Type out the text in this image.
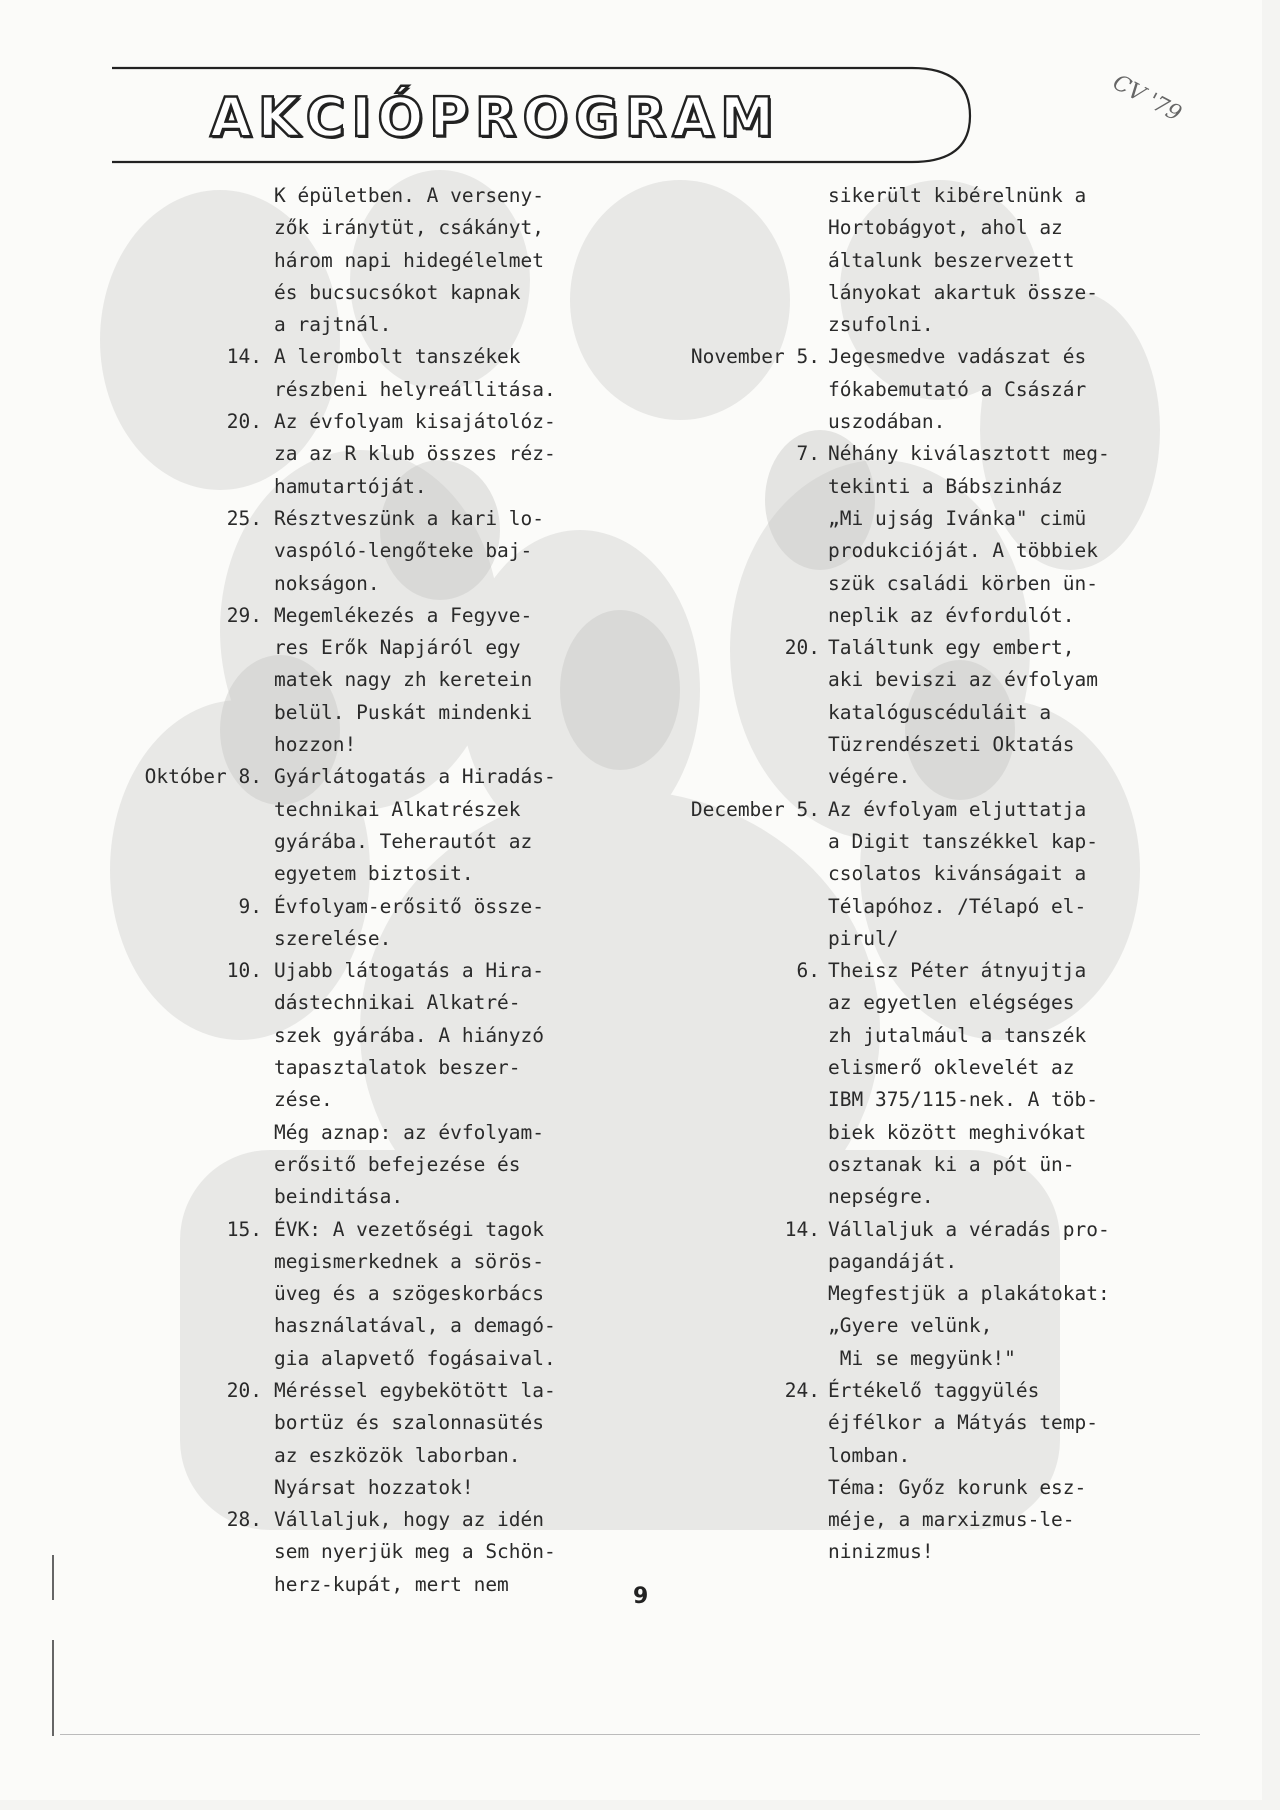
A K C I Ó P R O G R A M	CV '79
K épületben. A verseny-
zők iránytüt, csákányt,
három napi hidegélelmet
és bucsucsókot kapnak
a rajtnál.
14. A lerombolt tanszékek
részbeni helyreállitása.
20. Az évfolyam kisajátolóz-
za az R klub összes réz-
hamutartóját.
25. Résztveszünk a kari lo-
vaspóló-lengőteke baj-
nokságon.
29. Megemlékezés a Fegyve-
res Erők Napjáról egy
matek nagy zh keretein
belül. Puskát mindenki
hozzon!
Október 8. Gyárlátogatás a Hiradás-
technikai Alkatrészek
gyárába. Teherautót az
egyetem biztosit.
9. Évfolyam-erősitő össze-
szerelése.
10. Ujabb látogatás a Hira-
dástechnikai Alkatré-
szek gyárába. A hiányzó
tapasztalatok beszer-
zése.
Még aznap: az évfolyam-
erősitő befejezése és
beinditása.
15. ÉVK: A vezetőségi tagok
megismerkednek a sörös-
üveg és a szögeskorbács
használatával, a demagó-
gia alapvető fogásaival.
20. Méréssel egybekötött la-
bortüz és szalonnasütés
az eszközök laborban.
Nyársat hozzatok!
28. Vállaljuk, hogy az idén
sem nyerjük meg a Schön-
herz-kupát, mert nem
sikerült kibérelnünk a
Hortobágyot, ahol az
általunk beszervezett
lányokat akartuk össze-
zsufolni.
November 5. Jegesmedve vadászat és
fókabemutató a Császár
uszodában.
7. Néhány kiválasztott meg-
tekinti a Bábszinház
„Mi ujság Ivánka" cimü
produkcióját. A többiek
szük családi körben ün-
neplik az évfordulót.
20. Találtunk egy embert,
aki beviszi az évfolyam
katalóguscéduláit a
Tüzrendészeti Oktatás
végére.
December 5. Az évfolyam eljuttatja
a Digit tanszékkel kap-
csolatos kivánságait a
Télapóhoz. /Télapó el-
pirul/
6. Theisz Péter átnyujtja
az egyetlen elégséges
zh jutalmául a tanszék
elismerő oklevelét az
IBM 375/115-nek. A töb-
biek között meghivókat
osztanak ki a pót ün-
nepségre.
14. Vállaljuk a véradás pro-
pagandáját.
Megfestjük a plakátokat:
„Gyere velünk,
Mi se megyünk!"
24. Értékelő taggyülés
éjfélkor a Mátyás temp-
lomban.
Téma: Győz korunk esz-
méje, a marxizmus-le-
ninizmus!
9
